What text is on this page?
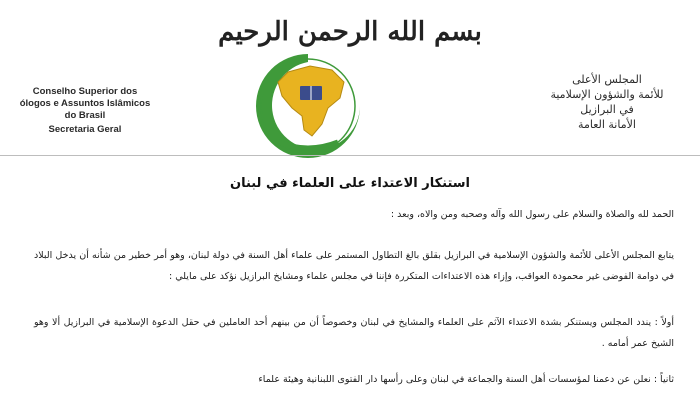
بسم الله الرحمن الرحيم
Conselho Superior dos
ólogos e Assuntos Islâmicos
do Brasil
Secretaria Geral
المجلس الأعلى
للأئمة والشؤون الإسلامية
في البرازيل
الأمانة العامة
استنكار الاعتداء على العلماء في لبنان
الحمد لله والصلاة والسلام على رسول الله وآله وصحبه ومن والاه، وبعد :
يتابع المجلس الأعلى للأئمة والشؤون الإسلامية في البرازيل بقلق بالغ التطاول المستمر على علماء أهل السنة في دولة لبنان، وهو أمر خطير من شأنه أن يدخل البلاد في دوامة الفوضى غير محمودة العواقب، وإزاء هذه الاعتداءات المتكررة فإننا في مجلس علماء ومشايخ البرازيل نؤكد على مايلي :
أولاً : يندد المجلس ويستنكر بشدة الاعتداء الآثم على العلماء والمشايخ في لبنان وخصوصاً أن من بينهم أحد العاملين في حقل الدعوة الإسلامية في البرازيل ألا وهو الشيخ عمر أمامه .
ثانياً : نعلن عن دعمنا لمؤسسات أهل السنة والجماعة في لبنان وعلى رأسها دار الفتوى اللبنانية وهيئة علماء
